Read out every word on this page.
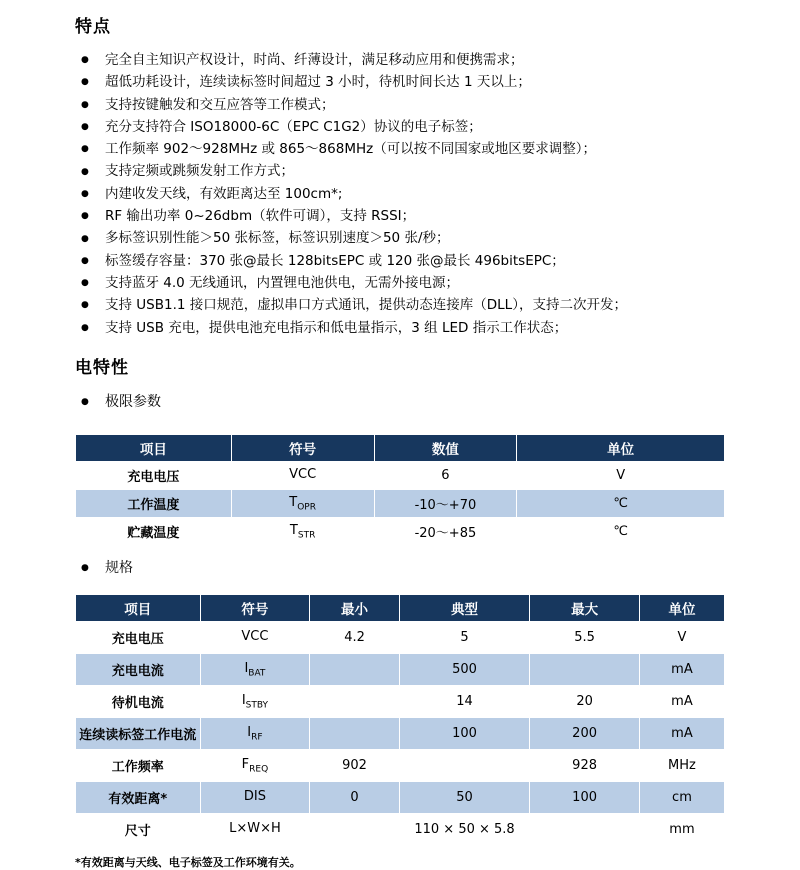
特点
● 完全自主知识产权设计，时尚、纤薄设计，满足移动应用和便携需求；
● 超低功耗设计，连续读标签时间超过 3 小时，待机时间长达 1 天以上；
● 支持按键触发和交互应答等工作模式；
● 充分支持符合 ISO18000-6C（EPC C1G2）协议的电子标签；
● 工作频率 902～928MHz 或 865～868MHz（可以按不同国家或地区要求调整）；
● 支持定频或跳频发射工作方式；
● 内建收发天线，有效距离达至 100cm*;
● RF 输出功率 0~26dbm（软件可调），支持 RSSI；
● 多标签识别性能＞50 张标签，标签识别速度＞50 张/秒；
● 标签缓存容量：370 张@最长 128bitsEPC 或 120 张@最长 496bitsEPC；
● 支持蓝牙 4.0 无线通讯，内置锂电池供电，无需外接电源；
● 支持 USB1.1 接口规范，虚拟串口方式通讯，提供动态连接库（DLL），支持二次开发；
● 支持 USB 充电，提供电池充电指示和低电量指示，3 组 LED 指示工作状态；
电特性
● 极限参数
项目	符号	数值	单位
充电电压	VCC	6	V
工作温度	$T_{OPR}$	-10～+70	℃
贮藏温度	$T_{STR}$	-20～+85	℃
● 规格
项目	符号	最小	典型	最大	单位
充电电压	VCC	4.2	5	5.5	V
充电电流	$I_{BAT}$		500		mA
待机电流	$I_{STBY}$		14	20	mA
连续读标签工作电流	$I_{RF}$		100	200	mA
工作频率	$F_{REQ}$	902		928	MHz
有效距离*	DIS	0	50	100	cm
尺寸	L×W×H		110 × 50 × 5.8		mm
*有效距离与天线、电子标签及工作环境有关。
